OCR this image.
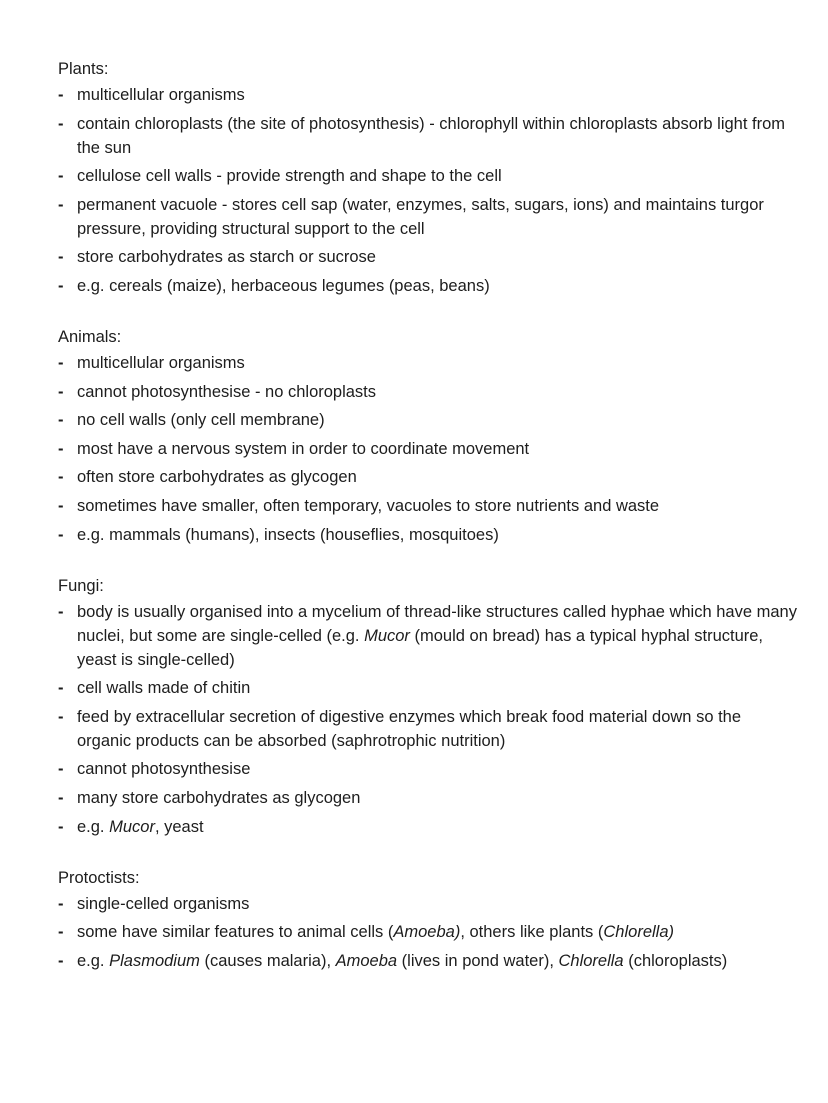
Plants:
- multicellular organisms
- contain chloroplasts (the site of photosynthesis) - chlorophyll within chloroplasts absorb light from the sun
- cellulose cell walls - provide strength and shape to the cell
- permanent vacuole - stores cell sap (water, enzymes, salts, sugars, ions) and maintains turgor pressure, providing structural support to the cell
- store carbohydrates as starch or sucrose
- e.g. cereals (maize), herbaceous legumes (peas, beans)
Animals:
- multicellular organisms
- cannot photosynthesise - no chloroplasts
- no cell walls (only cell membrane)
- most have a nervous system in order to coordinate movement
- often store carbohydrates as glycogen
- sometimes have smaller, often temporary, vacuoles to store nutrients and waste
- e.g. mammals (humans), insects (houseflies, mosquitoes)
Fungi:
- body is usually organised into a mycelium of thread-like structures called hyphae which have many nuclei, but some are single-celled (e.g. Mucor (mould on bread) has a typical hyphal structure, yeast is single-celled)
- cell walls made of chitin
- feed by extracellular secretion of digestive enzymes which break food material down so the organic products can be absorbed (saphrotrophic nutrition)
- cannot photosynthesise
- many store carbohydrates as glycogen
- e.g. Mucor, yeast
Protoctists:
- single-celled organisms
- some have similar features to animal cells (Amoeba), others like plants (Chlorella)
- e.g. Plasmodium (causes malaria), Amoeba (lives in pond water), Chlorella (chloroplasts)
